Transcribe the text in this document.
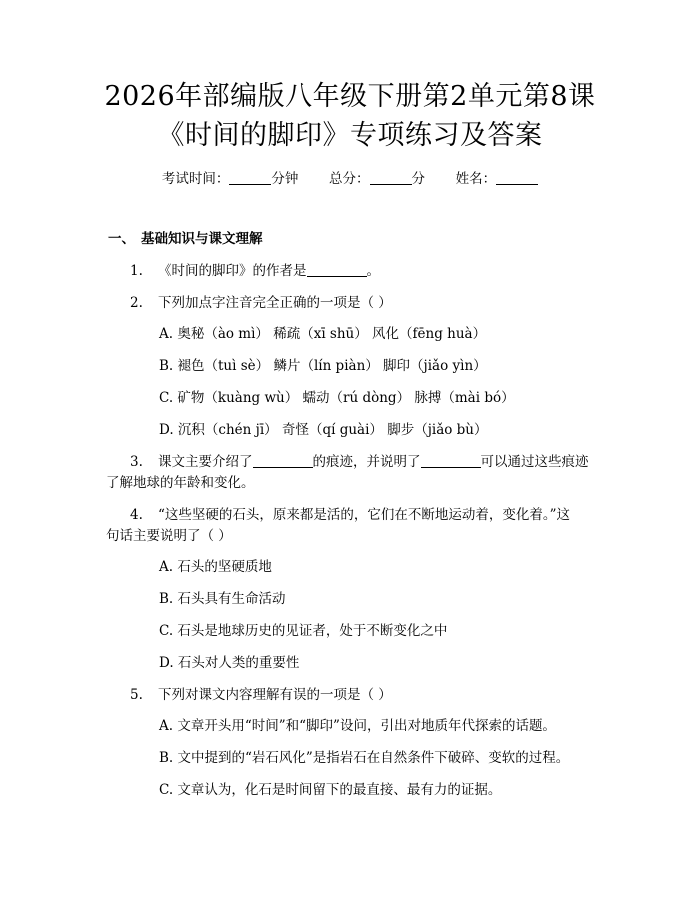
2026年部编版八年级下册第2单元第8课
《时间的脚印》专项练习及答案
考试时间：	分钟 总分：	分 姓名：
一、 基础知识与课文理解
1. 《时间的脚印》的作者是	。
2. 下列加点字注音完全正确的一项是（ ）
A. 奥秘（ào mì） 稀疏（xī shū） 风化（fēng huà）
B. 褪色（tuì sè） 鳞片（lín piàn） 脚印（jiǎo yìn）
C. 矿物（kuàng wù） 蠕动（rú dòng） 脉搏（mài bó）
D. 沉积（chén jī） 奇怪（qí guài） 脚步（jiǎo bù）
3. 课文主要介绍了	的痕迹，并说明了	可以通过这些痕迹
了解地球的年龄和变化。
4. “这些坚硬的石头，原来都是活的，它们在不断地运动着，变化着。”这
句话主要说明了（ ）
A. 石头的坚硬质地
B. 石头具有生命活动
C. 石头是地球历史的见证者，处于不断变化之中
D. 石头对人类的重要性
5. 下列对课文内容理解有误的一项是（ ）
A. 文章开头用“时间”和“脚印”设问，引出对地质年代探索的话题。
B. 文中提到的“岩石风化”是指岩石在自然条件下破碎、变软的过程。
C. 文章认为，化石是时间留下的最直接、最有力的证据。
